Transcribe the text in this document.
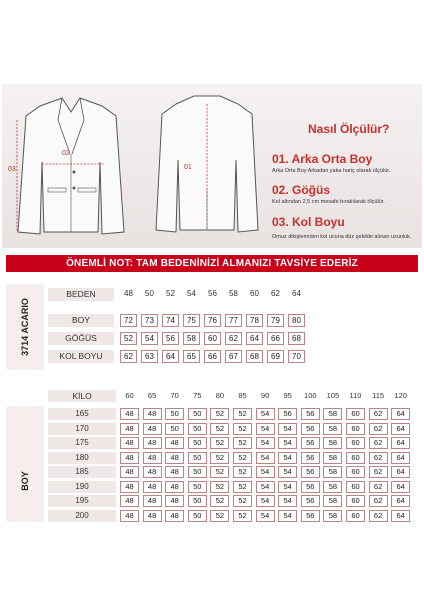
02
03	01
Nasıl Ölçülür?
01. Arka Orta Boy
Arka Orta Boy Arkadan yaka hariç olarak ölçülür.
02. Göğüs
Kol altından 2,5 cm mesafe bırakılarak ölçülür.
03. Kol Boyu
Omuz dikişlerinden kol ucuna düz şekilde alınan uzunluk.
ÖNEMLİ NOT: TAM BEDENİNİZİ ALMANIZI TAVSİYE EDERİZ
3714 ACARIO
BEDEN	48	50	52	54	56	58	60	62	64
BOY	72	73	74	75	76	77	78	79	80
GÖĞÜS	52	54	56	58	60	62	64	66	68
KOL BOYU	62	63	64	65	66	67	68	69	70
BOY
KİLO	60	65	70	75	80	85	90	95	100	105	110	115	120
165	48	48	50	50	52	52	54	56	56	58	60	62	64
170	48	48	50	50	52	52	54	54	56	58	60	62	64
175	48	48	48	50	52	52	54	54	56	58	60	62	64
180	48	48	48	50	52	52	54	54	56	58	60	62	64
185	48	48	48	50	52	52	54	54	56	58	60	62	64
190	48	48	48	50	52	52	54	54	56	58	60	62	64
195	48	48	48	50	52	52	54	54	56	58	60	62	64
200	48	48	48	50	52	52	54	54	56	58	60	62	64
